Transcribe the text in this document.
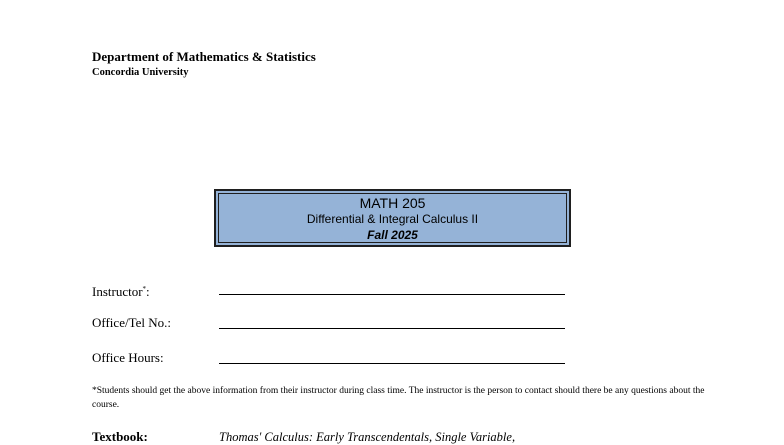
Department of Mathematics & Statistics
Concordia University
MATH 205
Differential & Integral Calculus II
Fall 2025
Instructor*:
Office/Tel No.:
Office Hours:
*Students should get the above information from their instructor during class time. The instructor is the person to contact should there be any questions about the course.
Textbook:	Thomas' Calculus: Early Transcendentals, Single Variable,
